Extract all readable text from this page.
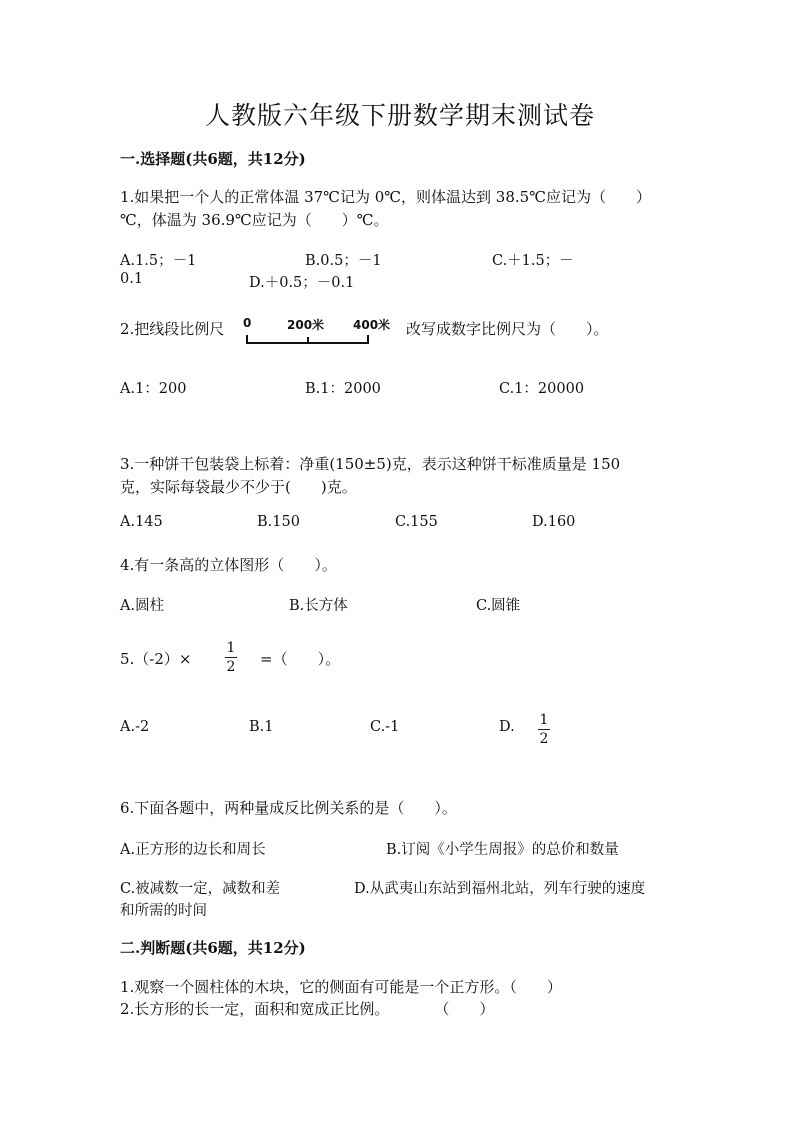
人教版六年级下册数学期末测试卷
一.选择题(共6题，共12分)
1.如果把一个人的正常体温 37℃记为 0℃，则体温达到 38.5℃应记为（　　）
℃，体温为 36.9℃应记为（　　）℃。
A.1.5；－1	B.0.5；－1	C.＋1.5；－
0.1	D.＋0.5；－0.1
2.把线段比例尺 0	200米 400米 改写成数字比例尺为（　　）。
A.1：200	B.1：2000	C.1：20000
3.一种饼干包装袋上标着：净重(150±5)克，表示这种饼干标准质量是 150
克，实际每袋最少不少于(　　)克。
A.145	B.150	C.155	D.160
4.有一条高的立体图形（　　）。
A.圆柱	B.长方体	C.圆锥
5.（-2）×
1
2 =（　　）。
A.-2	B.1	C.-1	D. 1
2
6.下面各题中，两种量成反比例关系的是（　　）。
A.正方形的边长和周长	B.订阅《小学生周报》的总价和数量
C.被减数一定，减数和差	D.从武夷山东站到福州北站，列车行驶的速度
和所需的时间
二.判断题(共6题，共12分)
1.观察一个圆柱体的木块，它的侧面有可能是一个正方形。（　　）
2.长方形的长一定，面积和宽成正比例。　　　　（　　）
